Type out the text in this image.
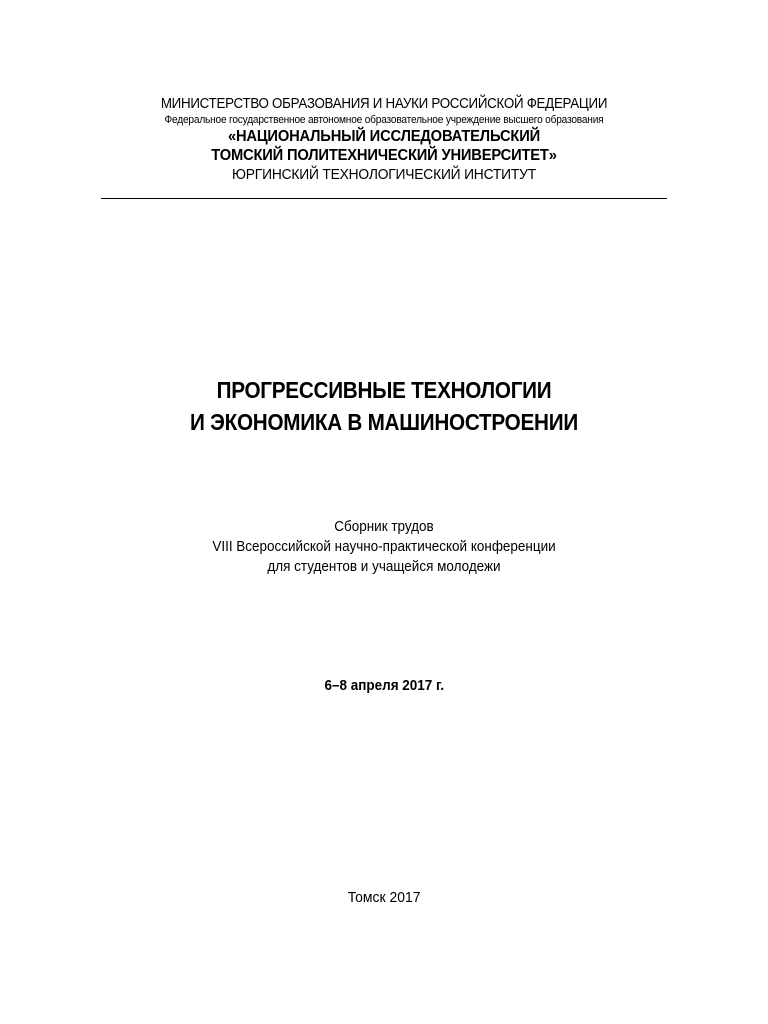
МИНИСТЕРСТВО ОБРАЗОВАНИЯ И НАУКИ РОССИЙСКОЙ ФЕДЕРАЦИИ
Федеральное государственное автономное образовательное учреждение высшего образования
«НАЦИОНАЛЬНЫЙ ИССЛЕДОВАТЕЛЬСКИЙ
ТОМСКИЙ ПОЛИТЕХНИЧЕСКИЙ УНИВЕРСИТЕТ»
ЮРГИНСКИЙ ТЕХНОЛОГИЧЕСКИЙ ИНСТИТУТ
ПРОГРЕССИВНЫЕ ТЕХНОЛОГИИ
И ЭКОНОМИКА В МАШИНОСТРОЕНИИ
Сборник трудов
VIII Всероссийской научно-практической конференции
для студентов и учащейся молодежи
6–8 апреля 2017 г.
Томск 2017
